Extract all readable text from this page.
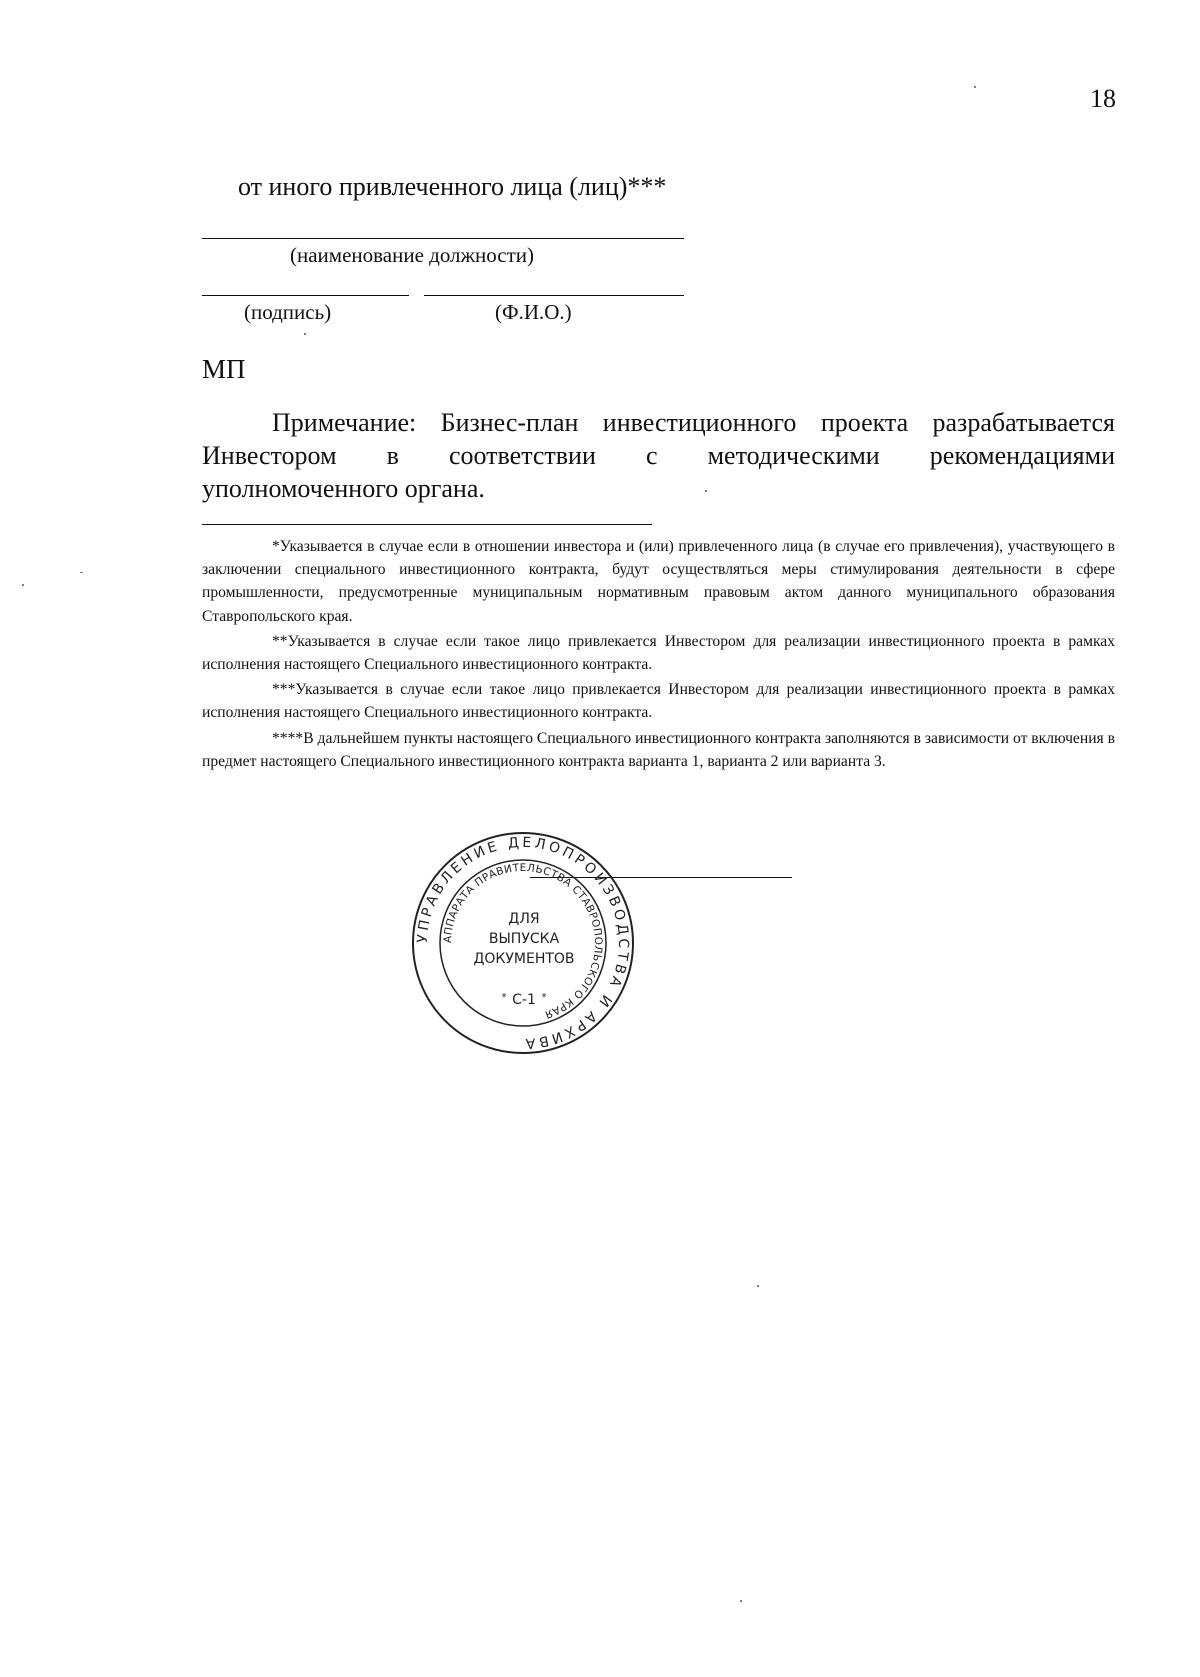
18
от иного привлеченного лица (лиц)***
(наименование должности)
(подпись)	(Ф.И.О.)
МП
Примечание: Бизнес-план инвестиционного проекта разрабатывается
Инвестором в соответствии с методическими рекомендациями
уполномоченного органа.

*Указывается в случае если в отношении инвестора и (или) привлеченного лица (в случае его привлечения), участвующего в заключении специального инвестиционного контракта, будут осуществляться меры стимулирования деятельности в сфере промышленности, предусмотренные муниципальным нормативным правовым актом данного муниципального образования Ставропольского края.

**Указывается в случае если такое лицо привлекается Инвестором для реализации инвестиционного проекта в рамках исполнения настоящего Специального инвестиционного контракта.

***Указывается в случае если такое лицо привлекается Инвестором для реализации инвестиционного проекта в рамках исполнения настоящего Специального инвестиционного контракта.

****В дальнейшем пункты настоящего Специального инвестиционного контракта заполняются в зависимости от включения в предмет настоящего Специального инвестиционного контракта варианта 1, варианта 2 или варианта 3.

УПРАВЛЕНИЕ ДЕЛОПРОИЗВОДСТВА И АРХИВА
АППАРАТА ПРАВИТЕЛЬСТВА СТАВРОПОЛЬСКОГО КРАЯ
ДЛЯ
ВЫПУСКА
ДОКУМЕНТОВ
С-1
*	*
